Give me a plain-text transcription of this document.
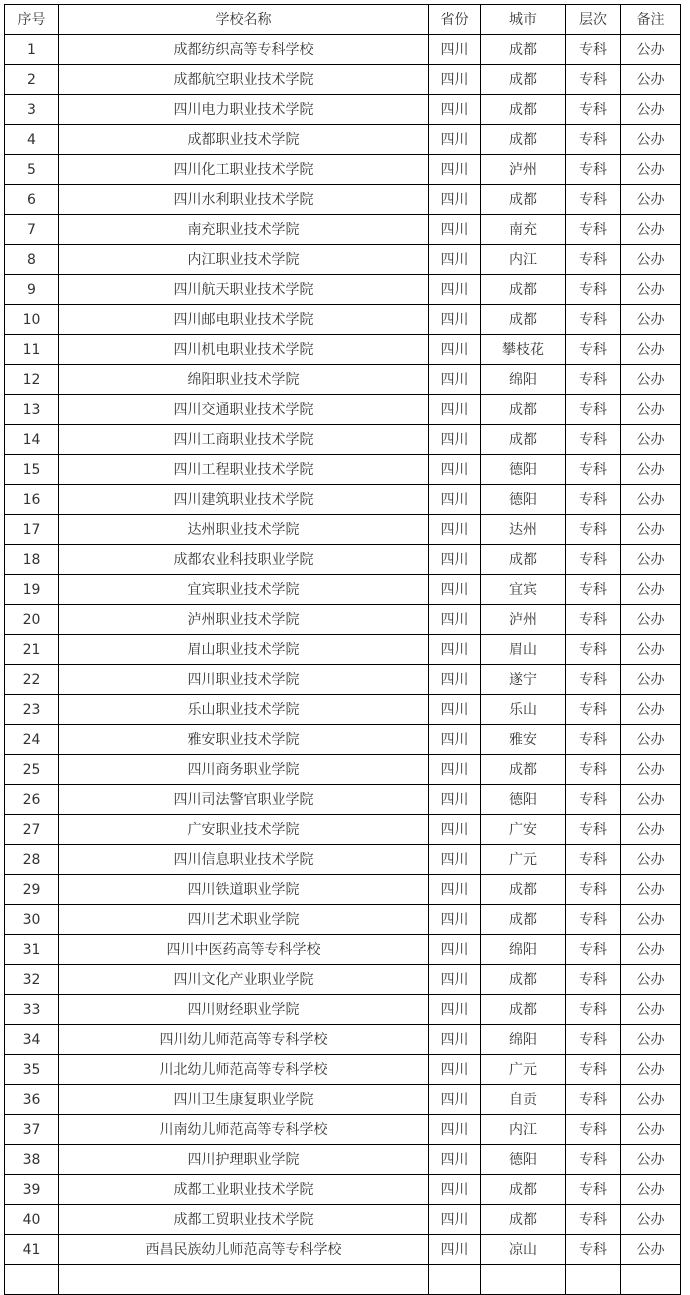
序号	学校名称	省份	城市	层次	备注
1	成都纺织高等专科学校	四川	成都	专科	公办
2	成都航空职业技术学院	四川	成都	专科	公办
3	四川电力职业技术学院	四川	成都	专科	公办
4	成都职业技术学院	四川	成都	专科	公办
5	四川化工职业技术学院	四川	泸州	专科	公办
6	四川水利职业技术学院	四川	成都	专科	公办
7	南充职业技术学院	四川	南充	专科	公办
8	内江职业技术学院	四川	内江	专科	公办
9	四川航天职业技术学院	四川	成都	专科	公办
10	四川邮电职业技术学院	四川	成都	专科	公办
11	四川机电职业技术学院	四川	攀枝花	专科	公办
12	绵阳职业技术学院	四川	绵阳	专科	公办
13	四川交通职业技术学院	四川	成都	专科	公办
14	四川工商职业技术学院	四川	成都	专科	公办
15	四川工程职业技术学院	四川	德阳	专科	公办
16	四川建筑职业技术学院	四川	德阳	专科	公办
17	达州职业技术学院	四川	达州	专科	公办
18	成都农业科技职业学院	四川	成都	专科	公办
19	宜宾职业技术学院	四川	宜宾	专科	公办
20	泸州职业技术学院	四川	泸州	专科	公办
21	眉山职业技术学院	四川	眉山	专科	公办
22	四川职业技术学院	四川	遂宁	专科	公办
23	乐山职业技术学院	四川	乐山	专科	公办
24	雅安职业技术学院	四川	雅安	专科	公办
25	四川商务职业学院	四川	成都	专科	公办
26	四川司法警官职业学院	四川	德阳	专科	公办
27	广安职业技术学院	四川	广安	专科	公办
28	四川信息职业技术学院	四川	广元	专科	公办
29	四川铁道职业学院	四川	成都	专科	公办
30	四川艺术职业学院	四川	成都	专科	公办
31	四川中医药高等专科学校	四川	绵阳	专科	公办
32	四川文化产业职业学院	四川	成都	专科	公办
33	四川财经职业学院	四川	成都	专科	公办
34	四川幼儿师范高等专科学校	四川	绵阳	专科	公办
35	川北幼儿师范高等专科学校	四川	广元	专科	公办
36	四川卫生康复职业学院	四川	自贡	专科	公办
37	川南幼儿师范高等专科学校	四川	内江	专科	公办
38	四川护理职业学院	四川	德阳	专科	公办
39	成都工业职业技术学院	四川	成都	专科	公办
40	成都工贸职业技术学院	四川	成都	专科	公办
41	西昌民族幼儿师范高等专科学校	四川	凉山	专科	公办
